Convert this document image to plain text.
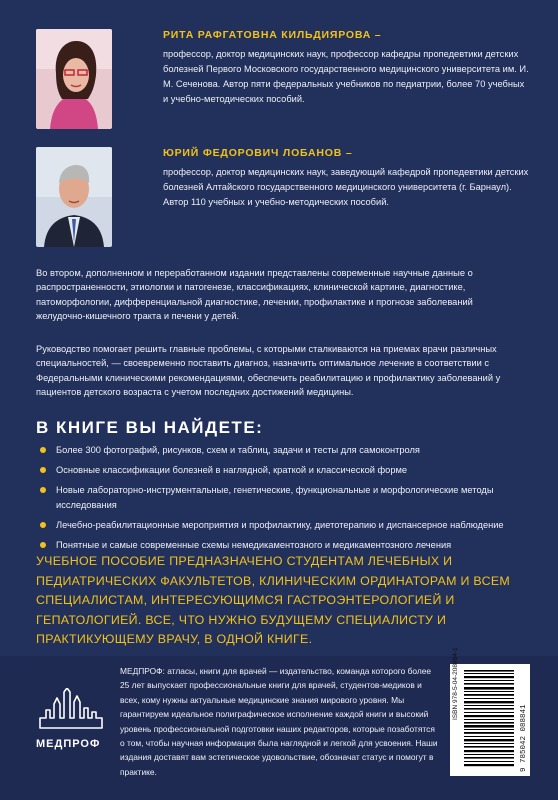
РИТА РАФГАТОВНА КИЛЬДИЯРОВА –
профессор, доктор медицинских наук, профессор кафедры пропедевтики детских болезней Первого Московского государственного медицинского университета им. И. М. Сеченова. Автор пяти федеральных учебников по педиатрии, более 70 учебных и учебно-методических пособий.
ЮРИЙ ФЕДОРОВИЧ ЛОБАНОВ –
профессор, доктор медицинских наук, заведующий кафедрой пропедевтики детских болезней Алтайского государственного медицинского университета (г. Барнаул). Автор 110 учебных и учебно-методических пособий.
Во втором, дополненном и переработанном издании представлены современные научные данные о распространенности, этиологии и патогенезе, классификациях, клинической картине, диагностике, патоморфологии, дифференциальной диагностике, лечении, профилактике и прогнозе заболеваний желудочно-кишечного тракта и печени у детей.
Руководство помогает решить главные проблемы, с которыми сталкиваются на приемах врачи различных специальностей, — своевременно поставить диагноз, назначить оптимальное лечение в соответствии с Федеральными клиническими рекомендациями, обеспечить реабилитацию и профилактику заболеваний у пациентов детского возраста с учетом последних достижений медицины.
В КНИГЕ ВЫ НАЙДЕТЕ:
Более 300 фотографий, рисунков, схем и таблиц, задачи и тесты для самоконтроля
Основные классификации болезней в наглядной, краткой и классической форме
Новые лабораторно-инструментальные, генетические, функциональные и морфологические методы исследования
Лечебно-реабилитационные мероприятия и профилактику, диетотерапию и диспансерное наблюдение
Понятные и самые современные схемы немедикаментозного и медикаментозного лечения
УЧЕБНОЕ ПОСОБИЕ ПРЕДНАЗНАЧЕНО СТУДЕНТАМ ЛЕЧЕБНЫХ И ПЕДИАТРИЧЕСКИХ ФАКУЛЬТЕТОВ, КЛИНИЧЕСКИМ ОРДИНАТОРАМ И ВСЕМ СПЕЦИАЛИСТАМ, ИНТЕРЕСУЮЩИМСЯ ГАСТРОЭНТЕРОЛОГИЕЙ И ГЕПАТОЛОГИЕЙ. ВСЕ, ЧТО НУЖНО БУДУЩЕМУ СПЕЦИАЛИСТУ И ПРАКТИКУЮЩЕМУ ВРАЧУ, В ОДНОЙ КНИГЕ.
МЕДПРОФ
МЕДПРОФ: атласы, книги для врачей — издательство, команда которого более 25 лет выпускает профессиональные книги для врачей, студентов-медиков и всех, кому нужны актуальные медицинские знания мирового уровня. Мы гарантируем идеальное полиграфическое исполнение каждой книги и высокий уровень профессиональной подготовки наших редакторов, которые позаботятся о том, чтобы научная информация была наглядной и легкой для усвоения. Наши издания доставят вам эстетическое удовольствие, обозначат статус и помогут в практике.
ISBN 978-5-04-208884-1
9 785042 088841
